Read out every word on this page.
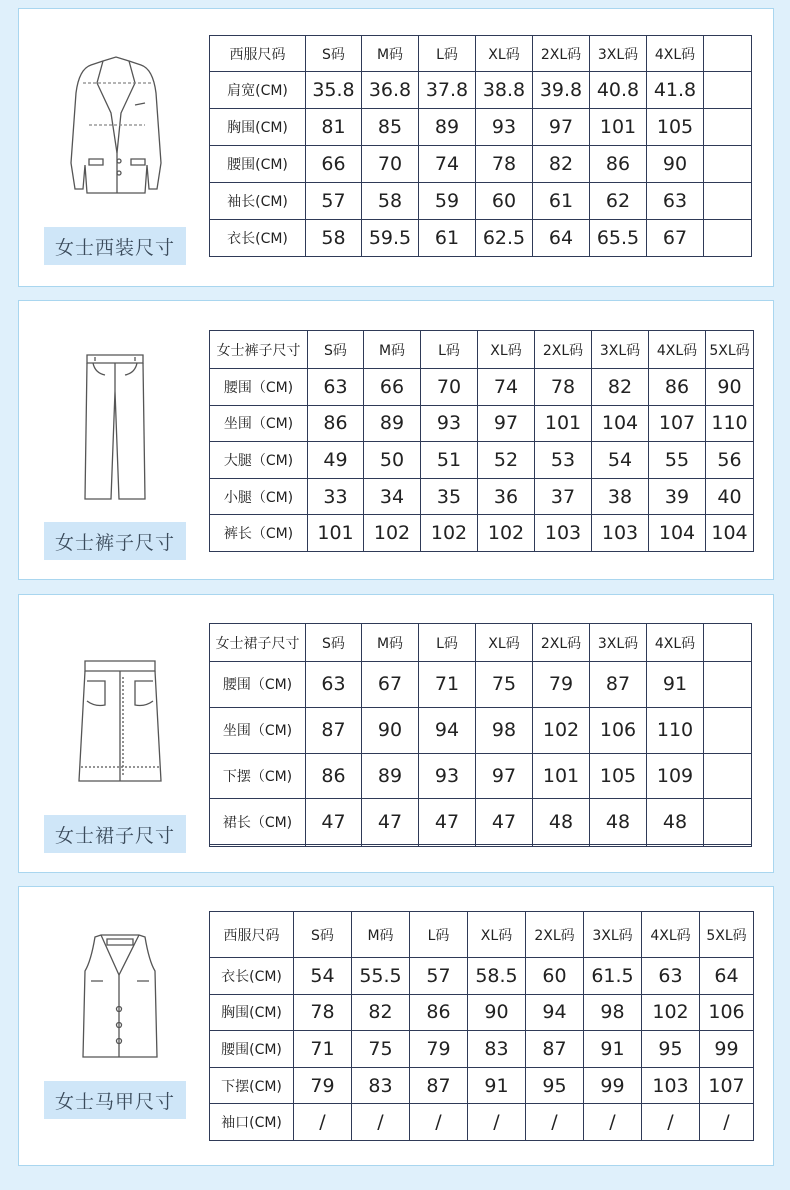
女士西装尺寸
西服尺码	S码	M码	L码	XL码	2XL码	3XL码	4XL码	
肩宽(CM)	35.8	36.8	37.8	38.8	39.8	40.8	41.8	
胸围(CM)	81	85	89	93	97	101	105	
腰围(CM)	66	70	74	78	82	86	90	
袖长(CM)	57	58	59	60	61	62	63	
衣长(CM)	58	59.5	61	62.5	64	65.5	67	
女士裤子尺寸
女士裤子尺寸	S码	M码	L码	XL码	2XL码	3XL码	4XL码	5XL码
腰围（CM)	63	66	70	74	78	82	86	90
坐围（CM)	86	89	93	97	101	104	107	110
大腿（CM)	49	50	51	52	53	54	55	56
小腿（CM)	33	34	35	36	37	38	39	40
裤长（CM)	101	102	102	102	103	103	104	104
女士裙子尺寸
女士裙子尺寸	S码	M码	L码	XL码	2XL码	3XL码	4XL码	
腰围（CM)	63	67	71	75	79	87	91	
坐围（CM)	87	90	94	98	102	106	110	
下摆（CM)	86	89	93	97	101	105	109	
裙长（CM)	47	47	47	47	48	48	48	

女士马甲尺寸
西服尺码	S码	M码	L码	XL码	2XL码	3XL码	4XL码	5XL码
衣长(CM)	54	55.5	57	58.5	60	61.5	63	64
胸围(CM)	78	82	86	90	94	98	102	106
腰围(CM)	71	75	79	83	87	91	95	99
下摆(CM)	79	83	87	91	95	99	103	107
袖口(CM)	/	/	/	/	/	/	/	/
